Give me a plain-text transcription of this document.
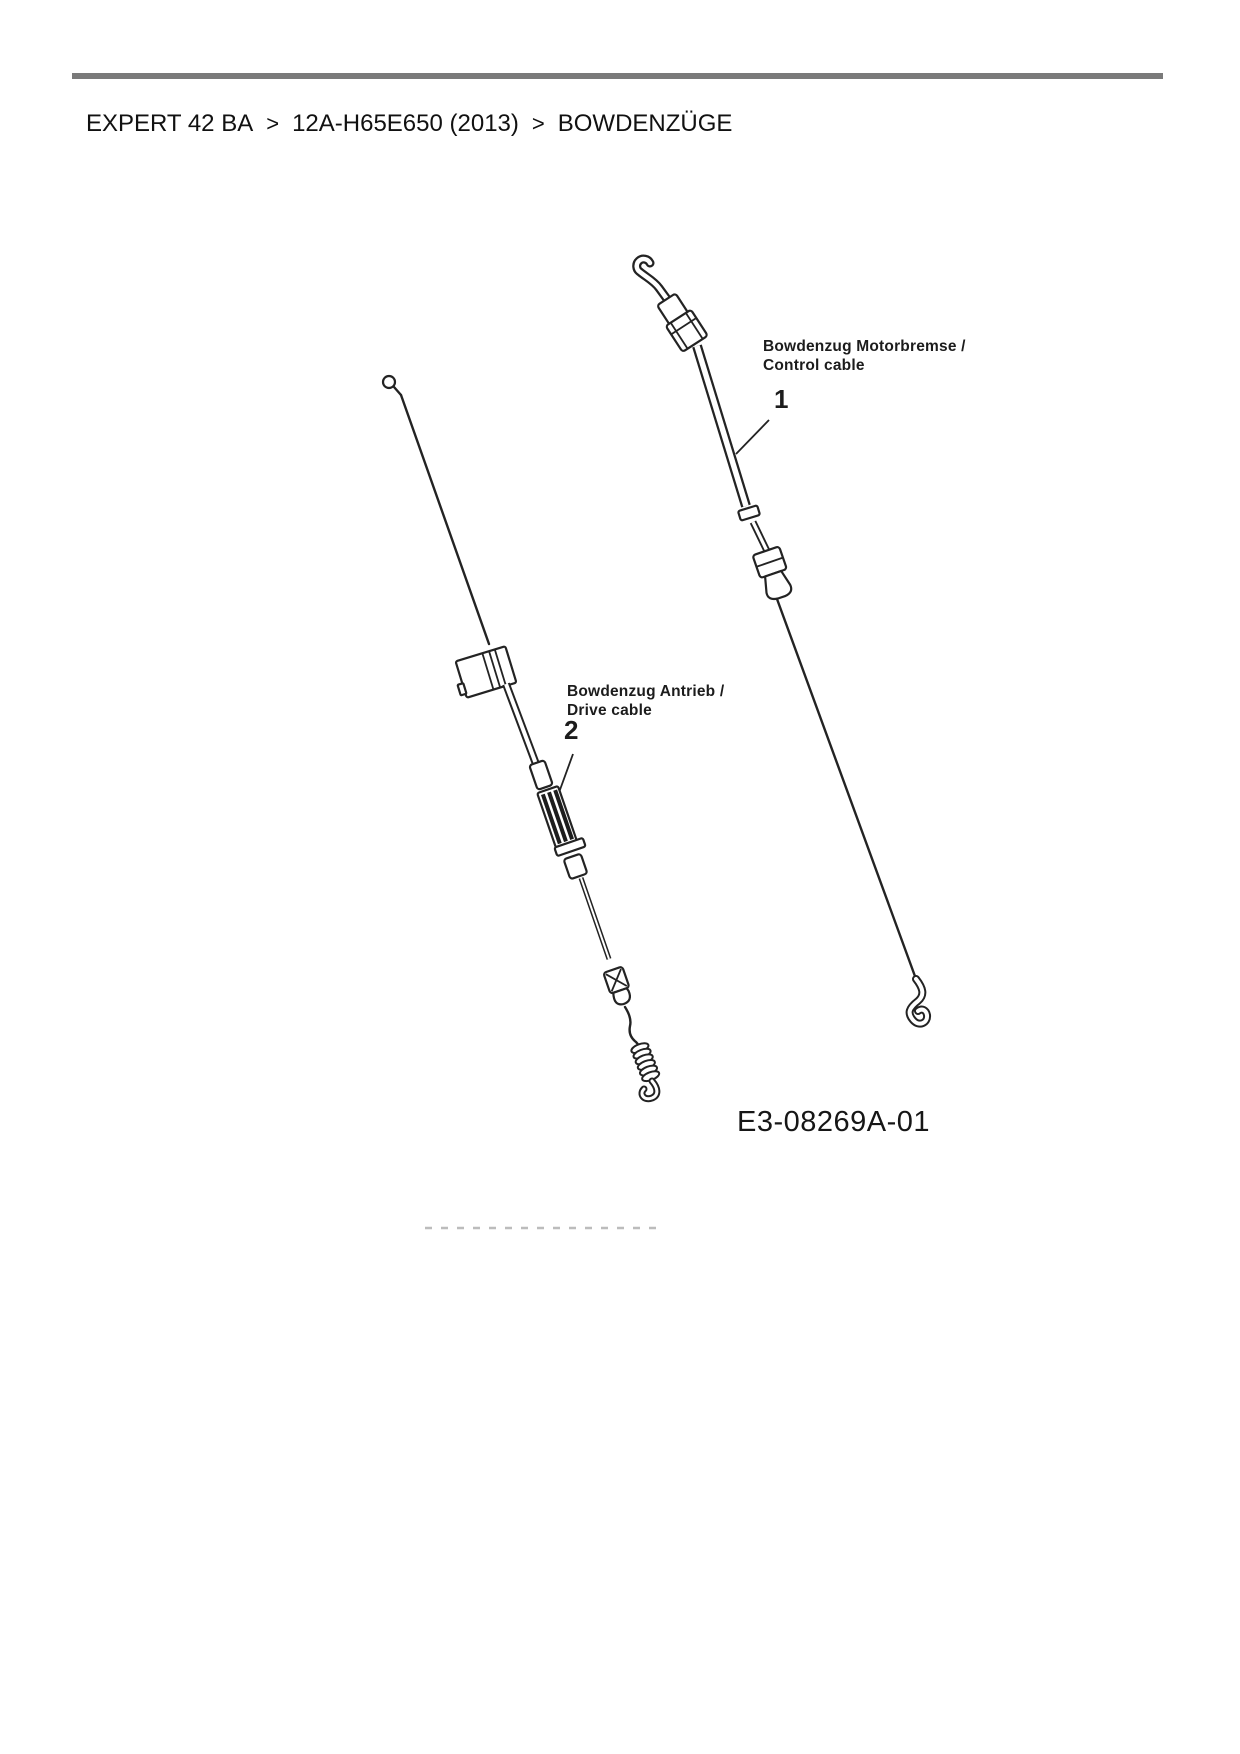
EXPERT 42 BA > 12A-H65E650 (2013) > BOWDENZÜGE
Bowdenzug Motorbremse /
Control cable
1
Bowdenzug Antrieb /
Drive cable
2
E3-08269A-01
